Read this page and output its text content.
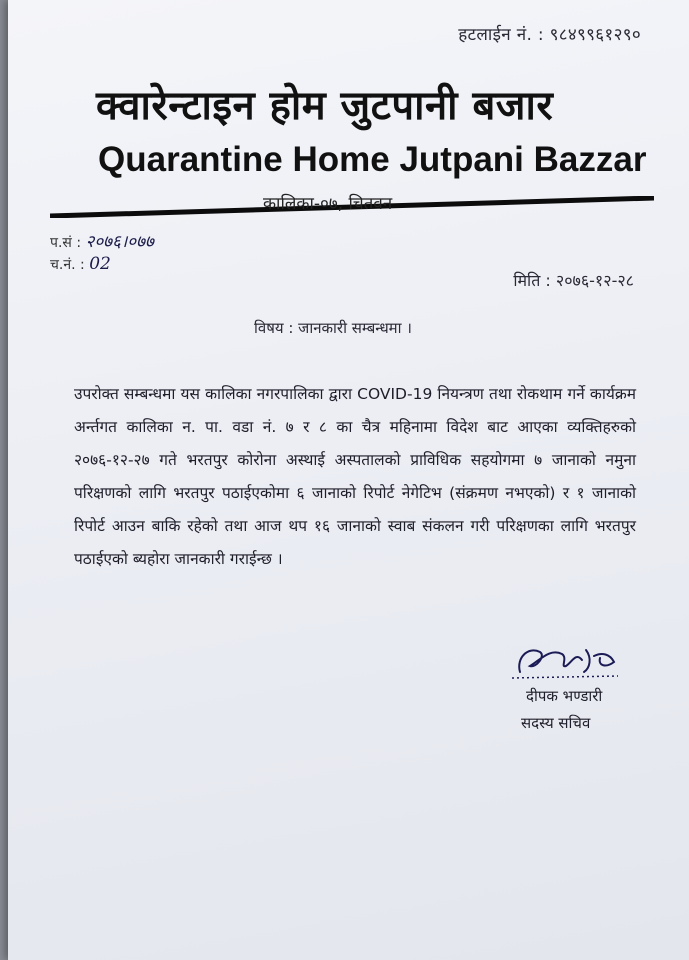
हटलाईन नं. : ९८४९९६१२९०
क्वारेन्टाइन होम जुटपानी बजार
Quarantine Home Jutpani Bazzar
कालिका-०७, चितवन
प.सं : २०७६।०७७
च.नं. : 02
मिति : २०७६-१२-२८
विषय : जानकारी सम्बन्धमा ।
उपरोक्त सम्बन्धमा यस कालिका नगरपालिका द्वारा COVID-19 नियन्त्रण तथा रोकथाम गर्ने कार्यक्रम अर्न्तगत कालिका न. पा. वडा नं. ७ र ८ का चैत्र महिनामा विदेश बाट आएका व्यक्तिहरुको २०७६-१२-२७ गते भरतपुर कोरोना अस्थाई अस्पतालको प्राविधिक सहयोगमा ७ जानाको नमुना परिक्षणको लागि भरतपुर पठाईएकोमा ६ जानाको रिपोर्ट नेगेटिभ (संक्रमण नभएको) र १ जानाको रिपोर्ट आउन बाकि रहेको तथा आज थप १६ जानाको स्वाब संकलन गरी परिक्षणका लागि भरतपुर पठाईएको ब्यहोरा जानकारी गराईन्छ ।
दीपक भण्डारी
सदस्य सचिव
